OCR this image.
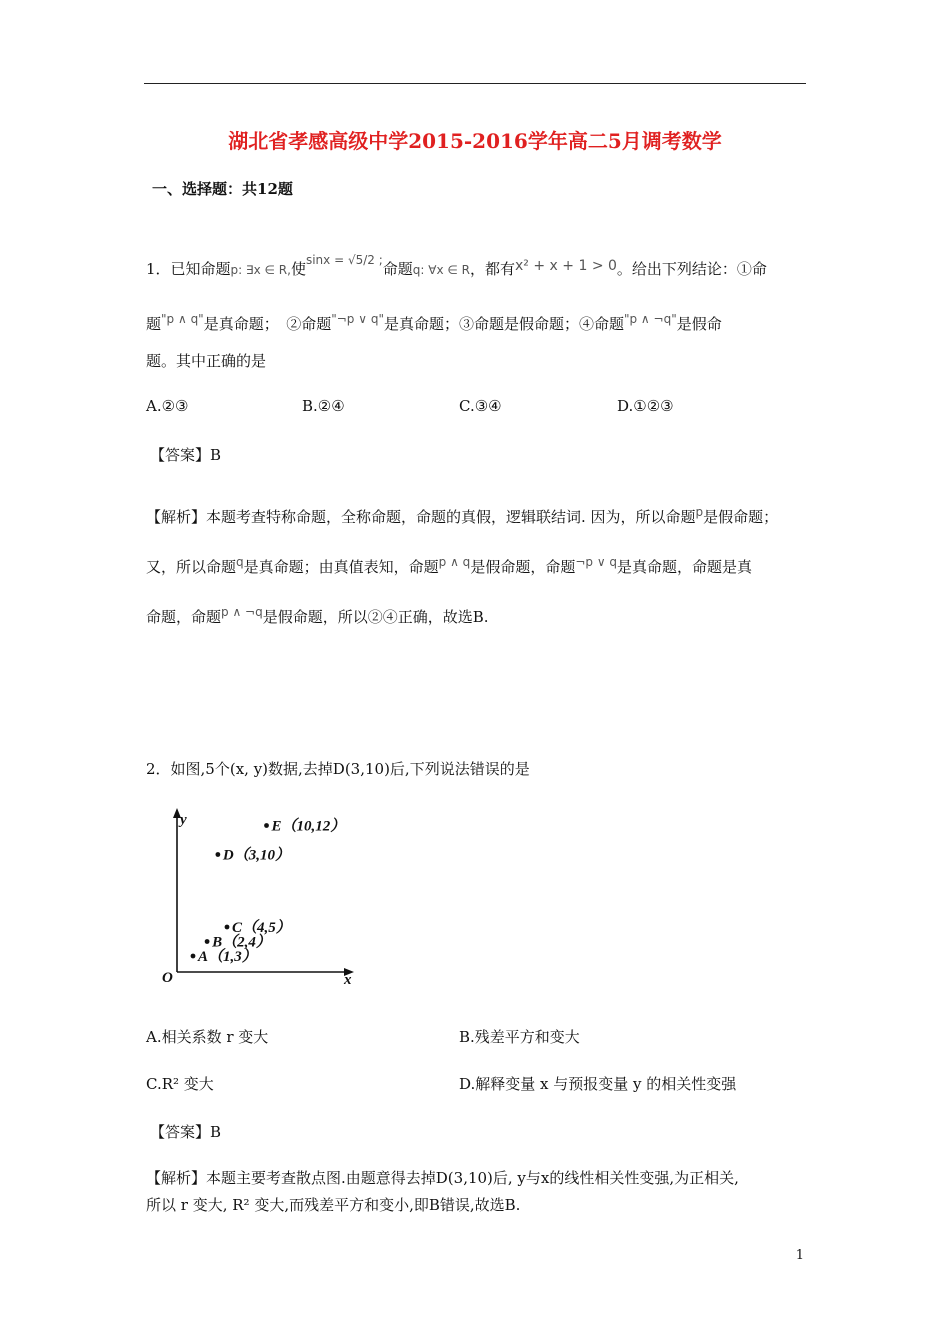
湖北省孝感高级中学2015-2016学年高二5月调考数学
一、选择题：共12题
1．已知命题p: ∃x ∈ R,使$^{sinx = √5/2 ;}$命题q: ∀x ∈ R，都有x² + x + 1 > 0。给出下列结论：①命
题$^{"p \wedge q"}$是真命题；　②命题$^{"\neg p \vee q"}$是真命题；③命题是假命题；④命题$^{"p \wedge \neg q"}$是假命
题。其中正确的是
A.②③	B.②④	C.③④	D.①②③
【答案】B
【解析】本题考查特称命题，全称命题，命题的真假，逻辑联结词. 因为，所以命题$^p$是假命题；
又，所以命题$^q$是真命题；由真值表知，命题$^{p \wedge q}$是假命题，命题$^{\neg p \vee q}$是真命题，命题是真
命题，命题$^{p \wedge \neg q}$是假命题，所以②④正确，故选B.
2．如图,5个(x, y)数据,去掉D(3,10)后,下列说法错误的是
y
x
O
A（1,3）
B（2,4）
C（4,5）
D（3,10）
E（10,12）
A.相关系数 r 变大	B.残差平方和变大
C.R² 变大	D.解释变量 x 与预报变量 y 的相关性变强
【答案】B
【解析】本题主要考查散点图.由题意得去掉D(3,10)后, y与x的线性相关性变强,为正相关,
所以 r 变大, R² 变大,而残差平方和变小,即B错误,故选B.
1
